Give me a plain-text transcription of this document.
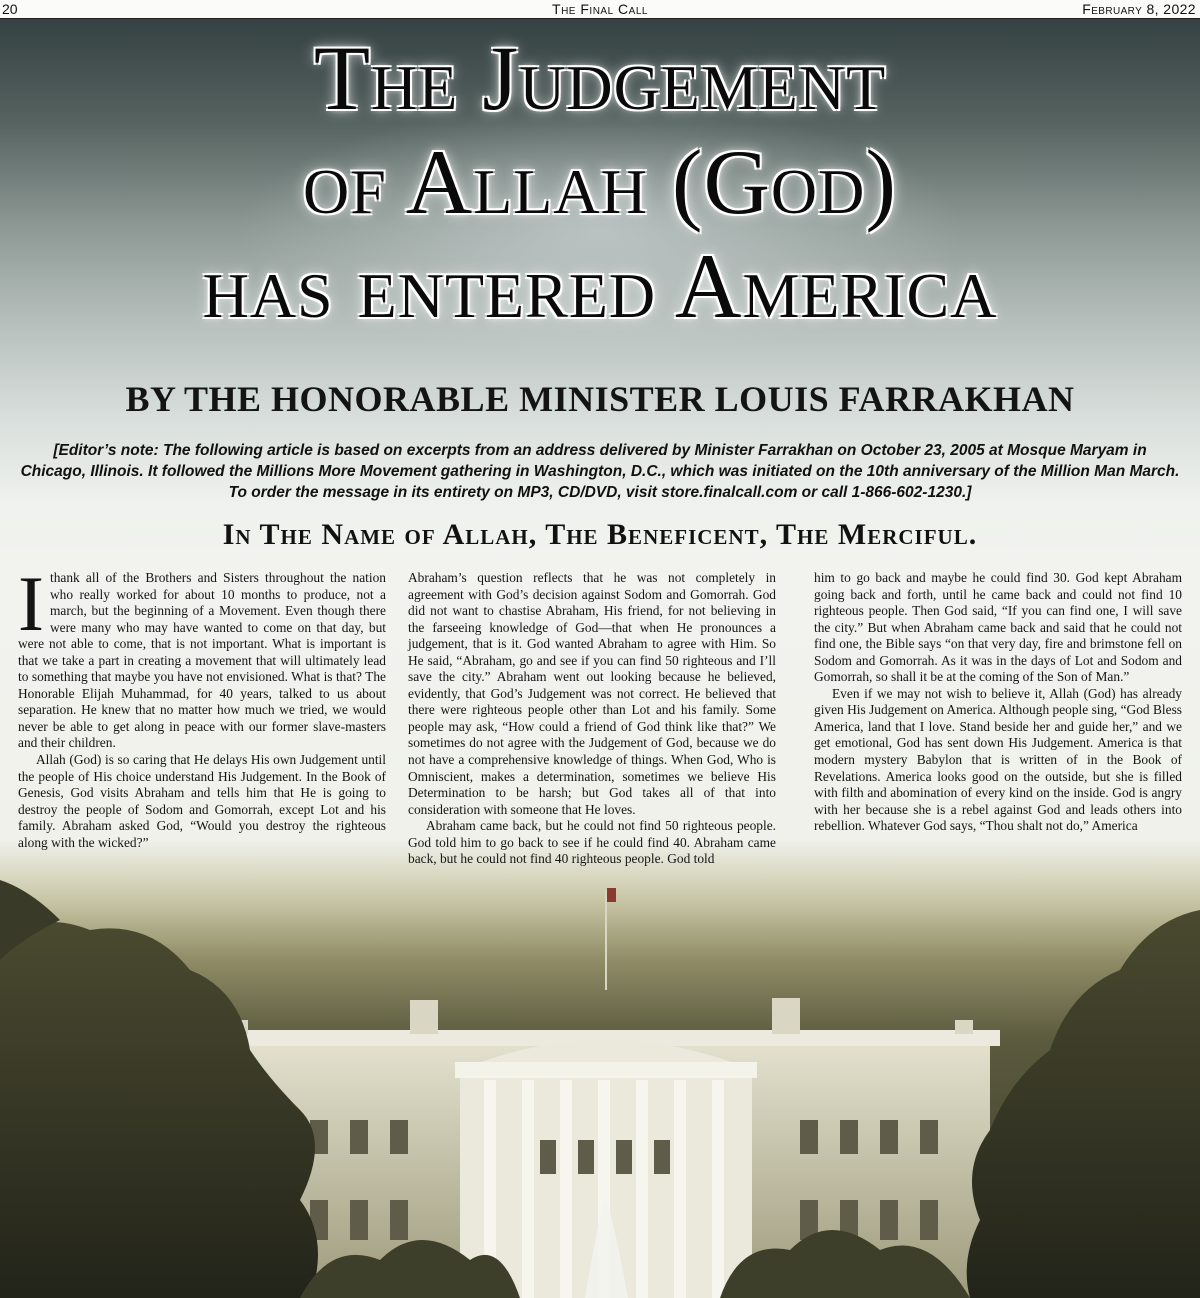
20	The Final Call	February 8, 2022
The Judgement
of Allah (God)
has entered America
BY THE HONORABLE MINISTER LOUIS FARRAKHAN
[Editor’s note: The following article is based on excerpts from an address delivered by Minister Farrakhan on October 23, 2005 at Mosque Maryam in Chicago, Illinois. It followed the Millions More Movement gathering in Washington, D.C., which was initiated on the 10th anniversary of the Million Man March. To order the message in its entirety on MP3, CD/DVD, visit store.finalcall.com or call 1-866-602-1230.]
In The Name of Allah, The Beneficent, The Merciful.

Ithank all of the Brothers and Sisters throughout the nation who really worked for about 10 months to produce, not a march, but the beginning of a Movement. Even though there were many who may have wanted to come on that day, but were not able to come, that is not important. What is important is that we take a part in creating a movement that will ultimately lead to something that maybe you have not envisioned. What is that? The Honorable Elijah Muhammad, for 40 years, talked to us about separation. He knew that no matter how much we tried, we would never be able to get along in peace with our former slave-masters and their children.

Allah (God) is so caring that He delays His own Judgement until the people of His choice understand His Judgement. In the Book of Genesis, God visits Abraham and tells him that He is going to destroy the people of Sodom and Gomorrah, except Lot and his family. Abraham asked God, “Would you destroy the righteous along with the wicked?”

Abraham’s question reflects that he was not completely in agreement with God’s decision against Sodom and Gomorrah. God did not want to chastise Abraham, His friend, for not believing in the farseeing knowledge of God—that when He pronounces a judgement, that is it. God wanted Abraham to agree with Him. So He said, “Abraham, go and see if you can find 50 righteous and I’ll save the city.” Abraham went out looking because he believed, evidently, that God’s Judgement was not correct. He believed that there were righteous people other than Lot and his family. Some people may ask, “How could a friend of God think like that?” We sometimes do not agree with the Judgement of God, because we do not have a comprehensive knowledge of things. When God, Who is Omniscient, makes a determination, sometimes we believe His Determination to be harsh; but God takes all of that into consideration with someone that He loves.

Abraham came back, but he could not find 50 righteous people. God told him to go back to see if he could find 40. Abraham came back, but he could not find 40 righteous people. God told

him to go back and maybe he could find 30. God kept Abraham going back and forth, until he came back and could not find 10 righteous people. Then God said, “If you can find one, I will save the city.” But when Abraham came back and said that he could not find one, the Bible says “on that very day, fire and brimstone fell on Sodom and Gomorrah. As it was in the days of Lot and Sodom and Gomorrah, so shall it be at the coming of the Son of Man.”

Even if we may not wish to believe it, Allah (God) has already given His Judgement on America. Although people sing, “God Bless America, land that I love. Stand beside her and guide her,” and we get emotional, God has sent down His Judgement. America is that modern mystery Babylon that is written of in the Book of Revelations. America looks good on the outside, but she is filled with filth and abomination of every kind on the inside. God is angry with her because she is a rebel against God and leads others into rebellion. Whatever God says, “Thou shalt not do,” America
